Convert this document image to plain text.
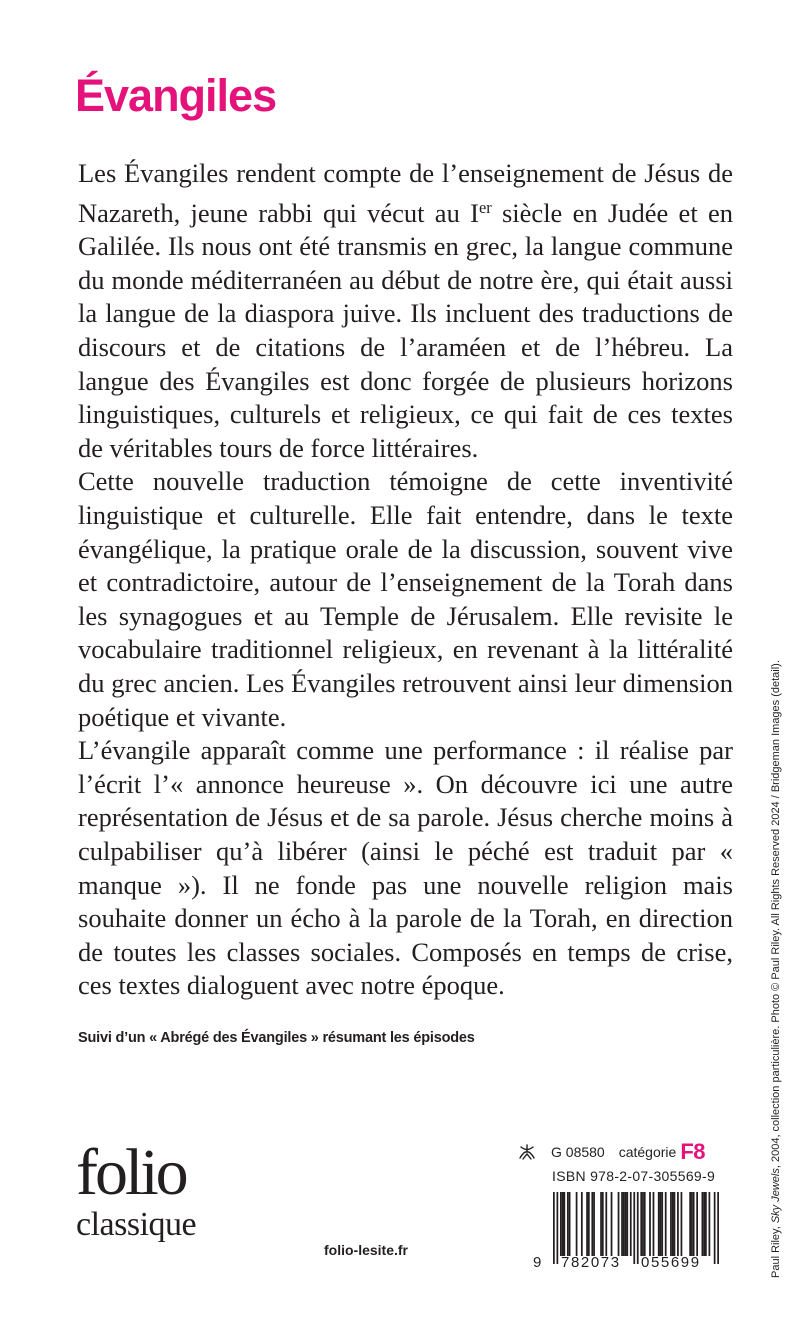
Évangiles

Les Évangiles rendent compte de l’enseignement de Jésus de Nazareth, jeune rabbi qui vécut au Ier siècle en Judée et en Galilée. Ils nous ont été transmis en grec, la langue commune du monde méditerranéen au début de notre ère, qui était aussi la langue de la diaspora juive. Ils incluent des traductions de discours et de citations de l’araméen et de l’hébreu. La langue des Évangiles est donc forgée de plusieurs horizons linguistiques, culturels et religieux, ce qui fait de ces textes de véritables tours de force littéraires.

Cette nouvelle traduction témoigne de cette inventivité linguistique et culturelle. Elle fait entendre, dans le texte évangélique, la pratique orale de la discussion, souvent vive et contradictoire, autour de l’enseignement de la Torah dans les synagogues et au Temple de Jérusalem. Elle revisite le vocabulaire traditionnel religieux, en revenant à la littéralité du grec ancien. Les Évangiles retrouvent ainsi leur dimension poétique et vivante.

L’évangile apparaît comme une performance : il réalise par l’écrit l’« annonce heureuse ». On découvre ici une autre représentation de Jésus et de sa parole. Jésus cherche moins à culpabiliser qu’à libérer (ainsi le péché est traduit par « manque »). Il ne fonde pas une nouvelle religion mais souhaite donner un écho à la parole de la Torah, en direction de toutes les classes sociales. Composés en temps de crise, ces textes dialoguent avec notre époque.

Suivi d’un « Abrégé des Évangiles » résumant les épisodes
Paul Riley, Sky Jewels, 2004, collection particulière. Photo © Paul Riley. All Rights Reserved 2024 / Bridgeman Images (detail).
folio
classique
folio-lesite.fr
G 08580 catégorie F8
ISBN 978-2-07-305569-9
9 782073 055699
